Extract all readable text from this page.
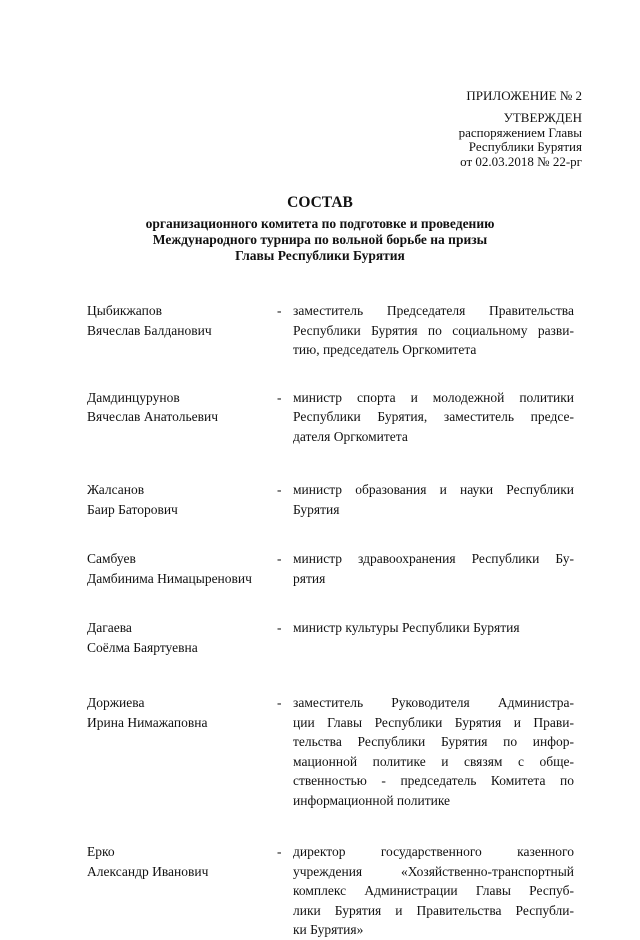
ПРИЛОЖЕНИЕ № 2
УТВЕРЖДЕН
распоряжением Главы
Республики Бурятия
от 02.03.2018 № 22-рг
СОСТАВ
организационного комитета по подготовке и проведению
Международного турнира по вольной борьбе на призы
Главы Республики Бурятия
Цыбикжапов
Вячеслав Балданович
- заместитель Председателя Правительства
Республики Бурятия по социальному разви-
тию, председатель Оргкомитета
Дамдинцурунов
Вячеслав Анатольевич
- министр спорта и молодежной политики
Республики Бурятия, заместитель предсе-
дателя Оргкомитета
Жалсанов
Баир Баторович
- министр образования и науки Республики
Бурятия
Самбуев
Дамбинима Нимацыренович
- министр здравоохранения Республики Бу-
рятия
Дагаева
Соёлма Баяртуевна
- министр культуры Республики Бурятия
Доржиева
Ирина Нимажаповна
- заместитель Руководителя Администра-
ции Главы Республики Бурятия и Прави-
тельства Республики Бурятия по инфор-
мационной политике и связям с обще-
ственностью - председатель Комитета по
информационной политике
Ерко
Александр Иванович
- директор государственного казенного
учреждения «Хозяйственно-транспортный
комплекс Администрации Главы Респуб-
лики Бурятия и Правительства Республи-
ки Бурятия»
